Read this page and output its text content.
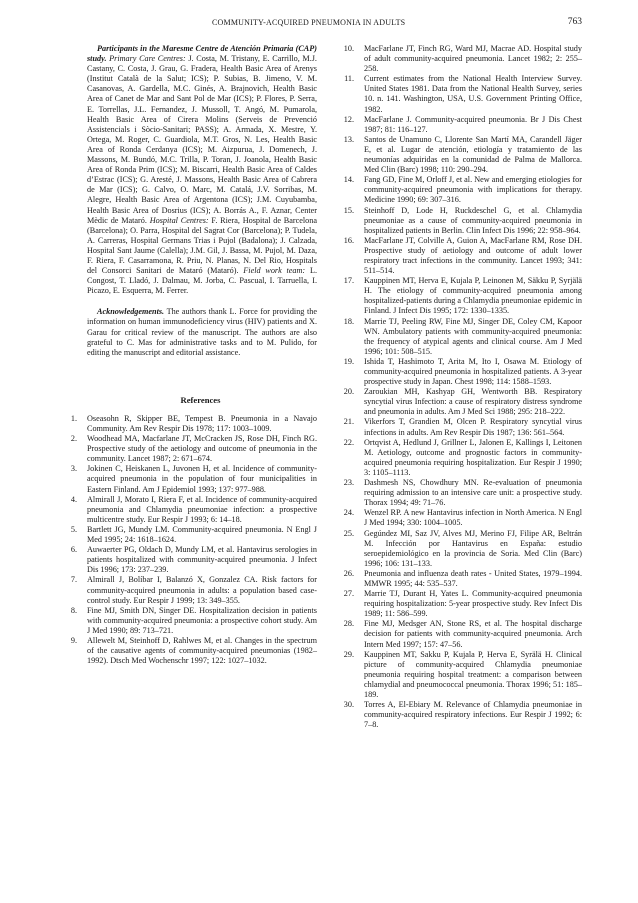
COMMUNITY-ACQUIRED PNEUMONIA IN ADULTS	763
Participants in the Maresme Centre de Atención Primaria (CAP) study. Primary Care Centres: J. Costa, M. Tristany, E. Carrillo, M.J. Castany, C. Costa, J. Grau, G. Fradera, Health Basic Area of Arenys (Institut Català de la Salut; ICS); P. Subias, B. Jimeno, V. M. Casanovas, A. Gardella, M.C. Ginés, A. Brajnovich, Health Basic Area of Canet de Mar and Sant Pol de Mar (ICS); P. Flores, P. Serra, E. Torrellas, J.L. Fernandez, J. Mussoll, T. Angó, M. Pumarola, Health Basic Area of Cirera Molins (Serveis de Prevenció Assistencials i Sòcio-Sanitari; PASS); A. Armada, X. Mestre, Y. Ortega, M. Roger, C. Guardiola, M.T. Gros, N. Les, Health Basic Area of Ronda Cerdanya (ICS); M. Aizpurua, J. Domenech, J. Massons, M. Bundó, M.C. Trilla, P. Toran, J. Joanola, Health Basic Area of Ronda Prim (ICS); M. Biscarri, Health Basic Area of Caldes d’Estrac (ICS); G. Aresté, J. Massons, Health Basic Area of Cabrera de Mar (ICS); G. Calvo, O. Marc, M. Catalá, J.V. Sorribas, M. Alegre, Health Basic Area of Argentona (ICS); J.M. Cuyubamba, Health Basic Area of Dosrius (ICS); A. Borrás A., F. Aznar, Center Mèdic de Mataró. Hospital Centres: F. Riera, Hospital de Barcelona (Barcelona); O. Parra, Hospital del Sagrat Cor (Barcelona); P. Tudela, A. Carreras, Hospital Germans Trias i Pujol (Badalona); J. Calzada, Hospital Sant Jaume (Calella); J.M. Gil, J. Bassa, M. Pujol, M. Daza, F. Riera, F. Casarramona, R. Priu, N. Planas, N. Del Rio, Hospitals del Consorci Sanitari de Mataró (Mataró). Field work team: L. Congost, T. Lladó, J. Dalmau, M. Jorba, C. Pascual, I. Tarruella, I. Picazo, E. Esquerra, M. Ferrer.
Acknowledgements. The authors thank L. Force for providing the information on human immunodeficiency virus (HIV) patients and X. Garau for critical review of the manuscript. The authors are also grateful to C. Mas for administrative tasks and to M. Pulido, for editing the manuscript and editorial assistance.

References

1.	Oseasohn R, Skipper BE, Tempest B. Pneumonia in a Navajo Community. Am Rev Respir Dis 1978; 117: 1003–1009.
2.	Woodhead MA, Macfarlane JT, McCracken JS, Rose DH, Finch RG. Prospective study of the aetiology and outcome of pneumonia in the community. Lancet 1987; 2: 671–674.
3.	Jokinen C, Heiskanen L, Juvonen H, et al. Incidence of community-acquired pneumonia in the population of four municipalities in Eastern Finland. Am J Epidemiol 1993; 137: 977–988.
4.	Almirall J, Morato I, Riera F, et al. Incidence of community-acquired pneumonia and Chlamydia pneumoniae infection: a prospective multicentre study. Eur Respir J 1993; 6: 14–18.
5.	Bartlett JG, Mundy LM. Community-acquired pneumonia. N Engl J Med 1995; 24: 1618–1624.
6.	Auwaerter PG, Oldach D, Mundy LM, et al. Hantavirus serologies in patients hospitalized with community-acquired pneumonia. J Infect Dis 1996; 173: 237–239.
7.	Almirall J, Bolíbar I, Balanzó X, Gonzalez CA. Risk factors for community-acquired pneumonia in adults: a population based case-control study. Eur Respir J 1999; 13: 349–355.
8.	Fine MJ, Smith DN, Singer DE. Hospitalization decision in patients with community-acquired pneumonia: a prospective cohort study. Am J Med 1990; 89: 713–721.
9.	Allewelt M, Steinhoff D, Rahlwes M, et al. Changes in the spectrum of the causative agents of community-acquired pneumonias (1982–1992). Dtsch Med Wochenschr 1997; 122: 1027–1032.
10.	MacFarlane JT, Finch RG, Ward MJ, Macrae AD. Hospital study of adult community-acquired pneumonia. Lancet 1982; 2: 255–258.
11.	Current estimates from the National Health Interview Survey. United States 1981. Data from the National Health Survey, series 10. n. 141. Washington, USA, U.S. Government Printing Office, 1982.
12.	MacFarlane J. Community-acquired pneumonia. Br J Dis Chest 1987; 81: 116–127.
13.	Santos de Unamuno C, Llorente San Martí MA, Carandell Jäger E, et al. Lugar de atención, etiología y tratamiento de las neumonías adquiridas en la comunidad de Palma de Mallorca. Med Clin (Barc) 1998; 110: 290–294.
14.	Fang GD, Fine M, Orloff J, et al. New and emerging etiologies for community-acquired pneumonia with implications for therapy. Medicine 1990; 69: 307–316.
15.	Steinhoff D, Lode H, Ruckdeschel G, et al. Chlamydia pneumoniae as a cause of community-acquired pneumonia in hospitalized patients in Berlin. Clin Infect Dis 1996; 22: 958–964.
16.	MacFarlane JT, Colville A, Guion A, MacFarlane RM, Rose DH. Prospective study of aetiology and outcome of adult lower respiratory tract infections in the community. Lancet 1993; 341: 511–514.
17.	Kauppinen MT, Herva E, Kujala P, Leinonen M, Säkku P, Syrjälä H. The etiology of community-acquired pneumonia among hospitalized-patients during a Chlamydia pneumoniae epidemic in Finland. J Infect Dis 1995; 172: 1330–1335.
18.	Marrie TJ, Peeling RW, Fine MJ, Singer DE, Coley CM, Kapoor WN. Ambulatory patients with community-acquired pneumonia: the frequency of atypical agents and clinical course. Am J Med 1996; 101: 508–515.
19.	Ishida T, Hashimoto T, Arita M, Ito I, Osawa M. Etiology of community-acquired pneumonia in hospitalized patients. A 3-year prospective study in Japan. Chest 1998; 114: 1588–1593.
20.	Zaroukian MH, Kashyap GH, Wentworth BB. Respiratory syncytial virus Infection: a cause of respiratory distress syndrome and pneumonia in adults. Am J Med Sci 1988; 295: 218–222.
21.	Vikerfors T, Grandien M, Olcen P. Respiratory syncytial virus infections in adults. Am Rev Respir Dis 1987; 136: 561–564.
22.	Ortqvist A, Hedlund J, Grillner L, Jalonen E, Kallings I, Leitonen M. Aetiology, outcome and prognostic factors in community-acquired pneumonia requiring hospitalization. Eur Respir J 1990; 3: 1105–1113.
23.	Dashmesh NS, Chowdhury MN. Re-evaluation of pneumonia requiring admission to an intensive care unit: a prospective study. Thorax 1994; 49: 71–76.
24.	Wenzel RP. A new Hantavirus infection in North America. N Engl J Med 1994; 330: 1004–1005.
25.	Gegúndez MI, Saz JV, Alves MJ, Merino FJ, Filipe AR, Beltrán M. Infección por Hantavirus en España: estudio seroepidemiológico en la provincia de Soria. Med Clin (Barc) 1996; 106: 131–133.
26.	Pneumonia and influenza death rates - United States, 1979–1994. MMWR 1995; 44: 535–537.
27.	Marrie TJ, Durant H, Yates L. Community-acquired pneumonia requiring hospitalization: 5-year prospective study. Rev Infect Dis 1989; 11: 586–599.
28.	Fine MJ, Medsger AN, Stone RS, et al. The hospital discharge decision for patients with community-acquired pneumonia. Arch Intern Med 1997; 157: 47–56.
29.	Kauppinen MT, Sakku P, Kujala P, Herva E, Syrälä H. Clinical picture of community-acquired Chlamydia pneumoniae pneumonia requiring hospital treatment: a comparison between chlamydial and pneumococcal pneumonia. Thorax 1996; 51: 185–189.
30.	Torres A, El-Ebiary M. Relevance of Chlamydia pneumoniae in community-acquired respiratory infections. Eur Respir J 1992; 6: 7–8.
